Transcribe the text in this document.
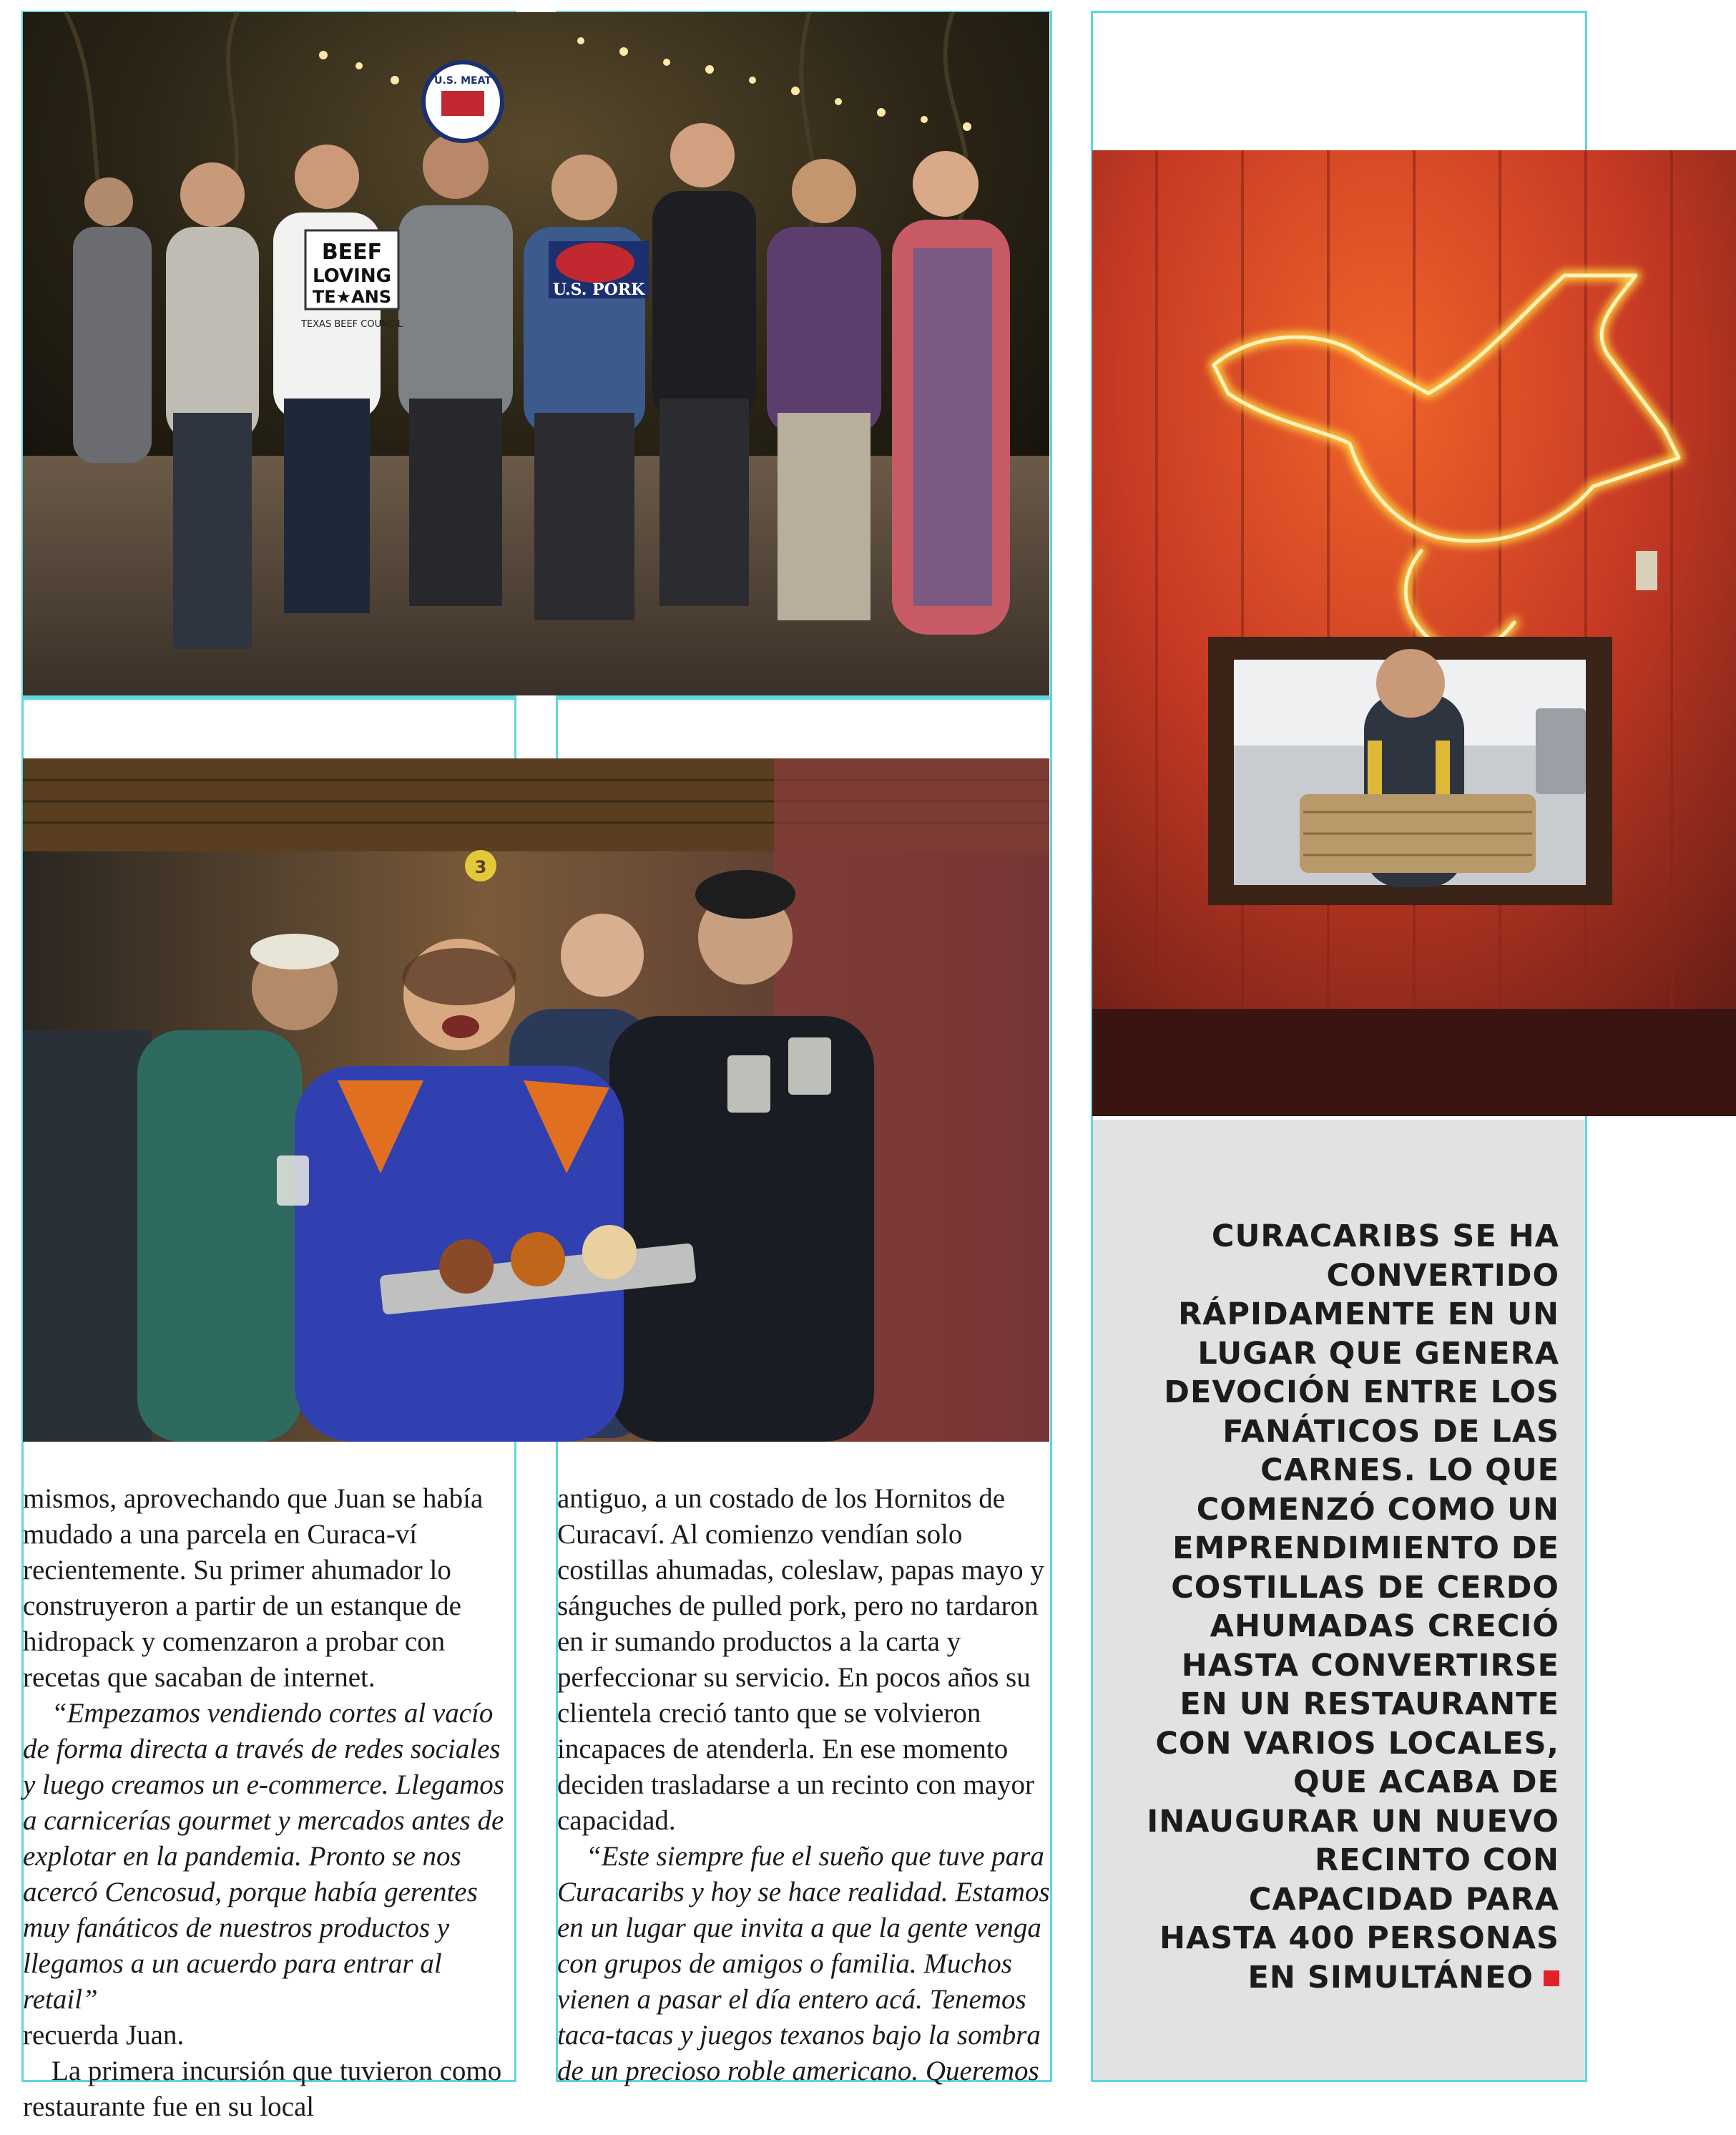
BEEF
LOVING
TE★ANS
TEXAS BEEF COUNCIL
U.S. PORK
U.S. MEAT
3
CURACARIBS SE HA
CONVERTIDO
RÁPIDAMENTE EN UN
LUGAR QUE GENERA
DEVOCIÓN ENTRE LOS
FANÁTICOS DE LAS
CARNES. LO QUE
COMENZÓ COMO UN
EMPRENDIMIENTO DE
COSTILLAS DE CERDO
AHUMADAS CRECIÓ
HASTA CONVERTIRSE
EN UN RESTAURANTE
CON VARIOS LOCALES,
QUE ACABA DE
INAUGURAR UN NUEVO
RECINTO CON
CAPACIDAD PARA
HASTA 400 PERSONAS
EN SIMULTÁNEO

mismos, aprovechando que Juan se había mudado a una parcela en Curaca-ví recientemente. Su primer ahumador lo construyeron a partir de un estanque de hidropack y comenzaron a probar con recetas que sacaban de internet.

“Empezamos vendiendo cortes al vacío de forma directa a través de redes sociales y luego creamos un e-commerce. Llegamos a carnicerías gourmet y mercados antes de explotar en la pandemia. Pronto se nos acercó Cencosud, porque había gerentes muy fanáticos de nuestros productos y llegamos a un acuerdo para entrar al retail”

recuerda Juan.

La primera incursión que tuvieron como restaurante fue en su local

antiguo, a un costado de los Hornitos de Curacaví. Al comienzo vendían solo costillas ahumadas, coleslaw, papas mayo y sánguches de pulled pork, pero no tardaron en ir sumando productos a la carta y perfeccionar su servicio. En pocos años su clientela creció tanto que se volvieron incapaces de atenderla. En ese momento deciden trasladarse a un recinto con mayor capacidad.

“Este siempre fue el sueño que tuve para Curacaribs y hoy se hace realidad. Estamos en un lugar que invita a que la gente venga con grupos de amigos o familia. Muchos vienen a pasar el día entero acá. Tenemos taca-tacas y juegos texanos bajo la sombra de un precioso roble americano. Queremos
